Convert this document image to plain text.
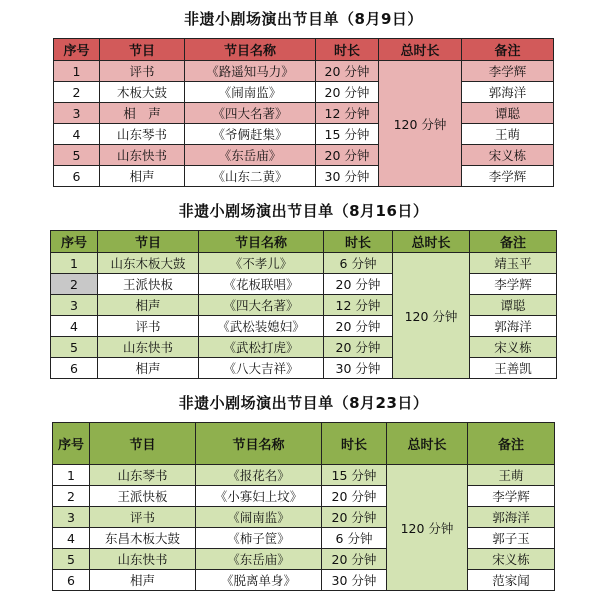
非遗小剧场演出节目单（8月9日）
序号	节目	节目名称	时长	总时长	备注
1	评书	《路遥知马力》	20 分钟	120 分钟	李学辉
2	木板大鼓	《闹南监》	20 分钟		郭海洋
3	相　声	《四大名著》	12 分钟		谭聪
4	山东琴书	《爷俩赶集》	15 分钟		王萌
5	山东快书	《东岳庙》	20 分钟		宋义栋
6	相声	《山东二黄》	30 分钟		李学辉
非遗小剧场演出节目单（8月16日）
序号	节目	节目名称	时长	总时长	备注
1	山东木板大鼓	《不孝儿》	6 分钟	120 分钟	靖玉平
2	王派快板	《花板联唱》	20 分钟		李学辉
3	相声	《四大名著》	12 分钟		谭聪
4	评书	《武松装媳妇》	20 分钟		郭海洋
5	山东快书	《武松打虎》	20 分钟		宋义栋
6	相声	《八大吉祥》	30 分钟		王善凯
非遗小剧场演出节目单（8月23日）
序号	节目	节目名称	时长	总时长	备注
1	山东琴书	《报花名》	15 分钟	120 分钟	王萌
2	王派快板	《小寡妇上坟》	20 分钟		李学辉
3	评书	《闹南监》	20 分钟		郭海洋
4	东昌木板大鼓	《柿子筐》	6 分钟		郭子玉
5	山东快书	《东岳庙》	20 分钟		宋义栋
6	相声	《脱离单身》	30 分钟		范家闻
